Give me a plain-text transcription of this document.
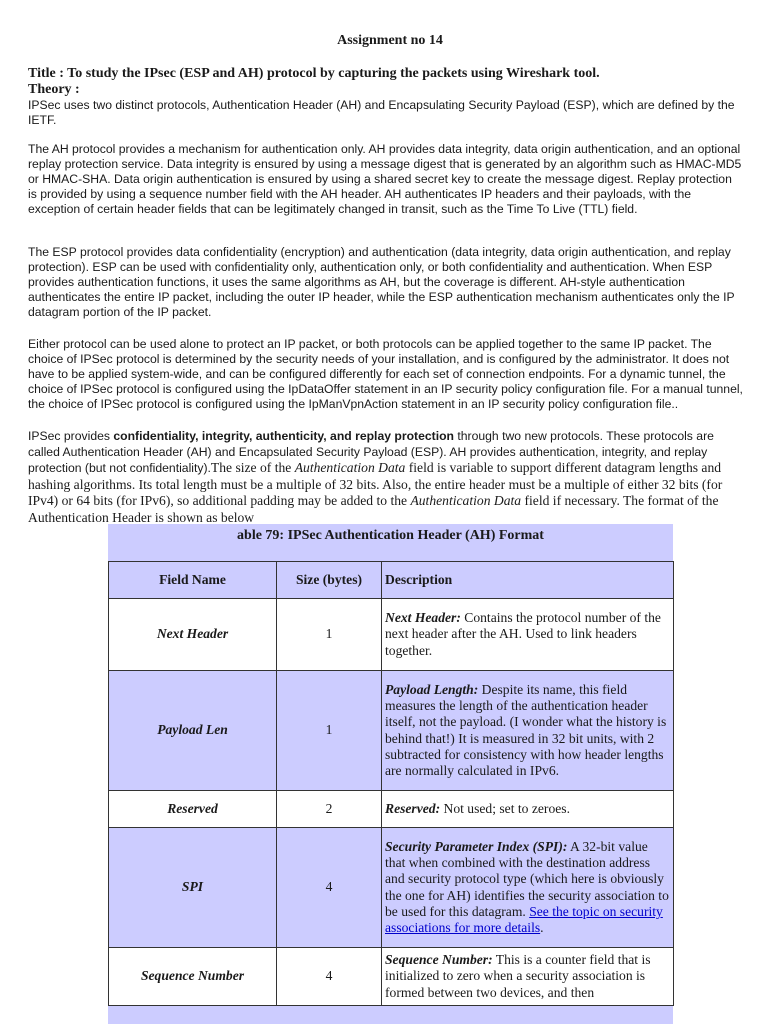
Assignment no 14
Title : To study the IPsec (ESP and AH) protocol by capturing the packets using Wireshark tool.
Theory :

IPSec uses two distinct protocols, Authentication Header (AH) and Encapsulating Security Payload (ESP), which are defined by the IETF.

The AH protocol provides a mechanism for authentication only. AH provides data integrity, data origin authentication, and an optional replay protection service. Data integrity is ensured by using a message digest that is generated by an algorithm such as HMAC-MD5 or HMAC-SHA. Data origin authentication is ensured by using a shared secret key to create the message digest. Replay protection is provided by using a sequence number field with the AH header. AH authenticates IP headers and their payloads, with the exception of certain header fields that can be legitimately changed in transit, such as the Time To Live (TTL) field.

The ESP protocol provides data confidentiality (encryption) and authentication (data integrity, data origin authentication, and replay protection). ESP can be used with confidentiality only, authentication only, or both confidentiality and authentication. When ESP provides authentication functions, it uses the same algorithms as AH, but the coverage is different. AH-style authentication authenticates the entire IP packet, including the outer IP header, while the ESP authentication mechanism authenticates only the IP datagram portion of the IP packet.

Either protocol can be used alone to protect an IP packet, or both protocols can be applied together to the same IP packet. The choice of IPSec protocol is determined by the security needs of your installation, and is configured by the administrator. It does not have to be applied system-wide, and can be configured differently for each set of connection endpoints. For a dynamic tunnel, the choice of IPSec protocol is configured using the IpDataOffer statement in an IP security policy configuration file. For a manual tunnel, the choice of IPSec protocol is configured using the IpManVpnAction statement in an IP security policy configuration file..

IPSec provides confidentiality, integrity, authenticity, and replay protection through two new protocols. These protocols are called Authentication Header (AH) and Encapsulated Security Payload (ESP). AH provides authentication, integrity, and replay protection (but not confidentiality).The size of the Authentication Data field is variable to support different datagram lengths and hashing algorithms. Its total length must be a multiple of 32 bits. Also, the entire header must be a multiple of either 32 bits (for IPv4) or 64 bits (for IPv6), so additional padding may be added to the Authentication Data field if necessary. The format of the Authentication Header is shown as below

able 79: IPSec Authentication Header (AH) Format
Field Name	Size (bytes)	Description
Next Header	1	Next Header: Contains the protocol number of the next header after the AH. Used to link headers together.
Payload Len	1	Payload Length: Despite its name, this field measures the length of the authentication header itself, not the payload. (I wonder what the history is behind that!) It is measured in 32 bit units, with 2 subtracted for consistency with how header lengths are normally calculated in IPv6.
Reserved	2	Reserved: Not used; set to zeroes.
SPI	4	Security Parameter Index (SPI): A 32-bit value that when combined with the destination address and security protocol type (which here is obviously the one for AH) identifies the security association to be used for this datagram. See the topic on security associations for more details.
Sequence Number	4	Sequence Number: This is a counter field that is initialized to zero when a security association is formed between two devices, and then
